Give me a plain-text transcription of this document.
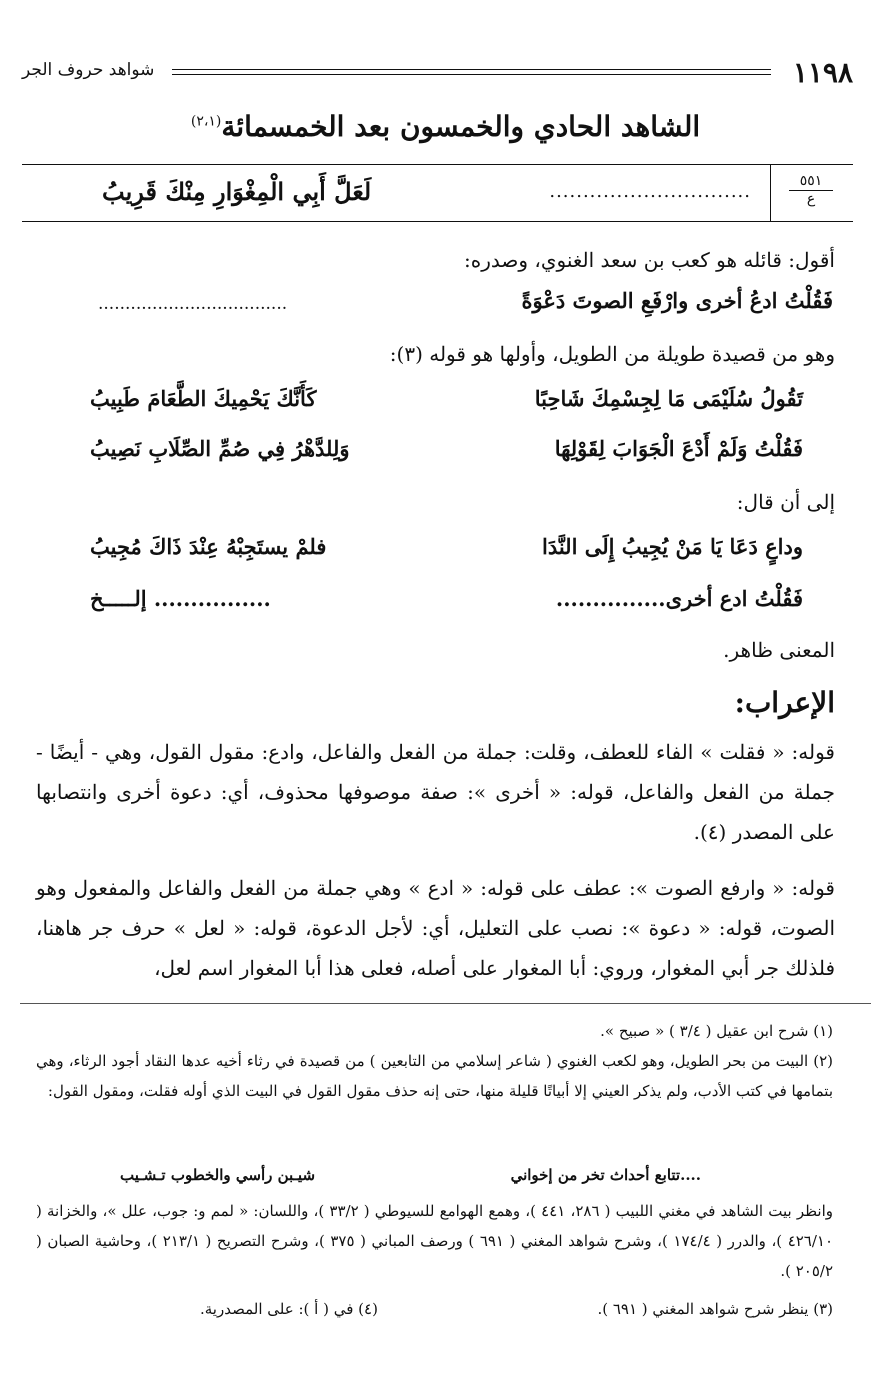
١١٩٨
شواهد حروف الجر
الشاهد الحادي والخمسون بعد الخمسمائة$^{(٢،١)}$
٥٥١
ع
..............................
لَعَلَّ أَبِي الْمِغْوَارِ مِنْكَ قَرِيبُ
أقول: قائله هو كعب بن سعد الغنوي، وصدره:
فَقُلْتُ ادعُ أخرى وارْفَعِ الصوتَ دَعْوَةً
...................................
وهو من قصيدة طويلة من الطويل، وأولها هو قوله (٣):
تَقُولُ سُلَيْمَى مَا لِجِسْمِكَ شَاحِبًا
كَأَنَّكَ يَحْمِيكَ الطَّعَامَ طَبِيبُ
فَقُلْتُ وَلَمْ أَدْعَ الْجَوَابَ لِقَوْلِهَا
وَلِلدَّهْرُ فِي صُمِّ الصِّلَابِ نَصِيبُ
إلى أن قال:
وداعٍ دَعَا يَا مَنْ يُجِيبُ إِلَى النَّدَا
فلمْ يستَجِبْهُ عِنْدَ ذَاكَ مُجِيبُ
فَقُلْتُ ادع أخرى...............
................ إلـــــخ
المعنى ظاهر.
الإعراب:
قوله: « فقلت » الفاء للعطف، وقلت: جملة من الفعل والفاعل، وادع: مقول القول، وهي - أيضًا - جملة من الفعل والفاعل، قوله: « أخرى »: صفة موصوفها محذوف، أي: دعوة أخرى وانتصابها على المصدر (٤).
قوله: « وارفع الصوت »: عطف على قوله: « ادع » وهي جملة من الفعل والفاعل والمفعول وهو الصوت، قوله: « دعوة »: نصب على التعليل، أي: لأجل الدعوة، قوله: « لعل » حرف جر هاهنا، فلذلك جر أبي المغوار، وروي: أبا المغوار على أصله، فعلى هذا أبا المغوار اسم لعل،
(١) شرح ابن عقيل ( ٣/٤ ) « صبيح ».
(٢) البيت من بحر الطويل، وهو لكعب الغنوي ( شاعر إسلامي من التابعين ) من قصيدة في رثاء أخيه عدها النقاد أجود الرثاء، وهي بتمامها في كتب الأدب، ولم يذكر العيني إلا أبياتًا قليلة منها، حتى إنه حذف مقول القول في البيت الذي أوله فقلت، ومقول القول:
....تتابع أحداث تخر من إخواني
شيـبن رأسي والخطوب تـشـيب
وانظر بيت الشاهد في مغني اللبيب ( ٢٨٦، ٤٤١ )، وهمع الهوامع للسيوطي ( ٣٣/٢ )، واللسان: « لمم و: جوب، علل »، والخزانة ( ٤٢٦/١٠ )، والدرر ( ١٧٤/٤ )، وشرح شواهد المغني ( ٦٩١ ) ورصف المباني ( ٣٧٥ )، وشرح التصريح ( ٢١٣/١ )، وحاشية الصبان ( ٢٠٥/٢ ).
(٣) ينظر شرح شواهد المغني ( ٦٩١ ).
(٤) في ( أ ): على المصدرية.
